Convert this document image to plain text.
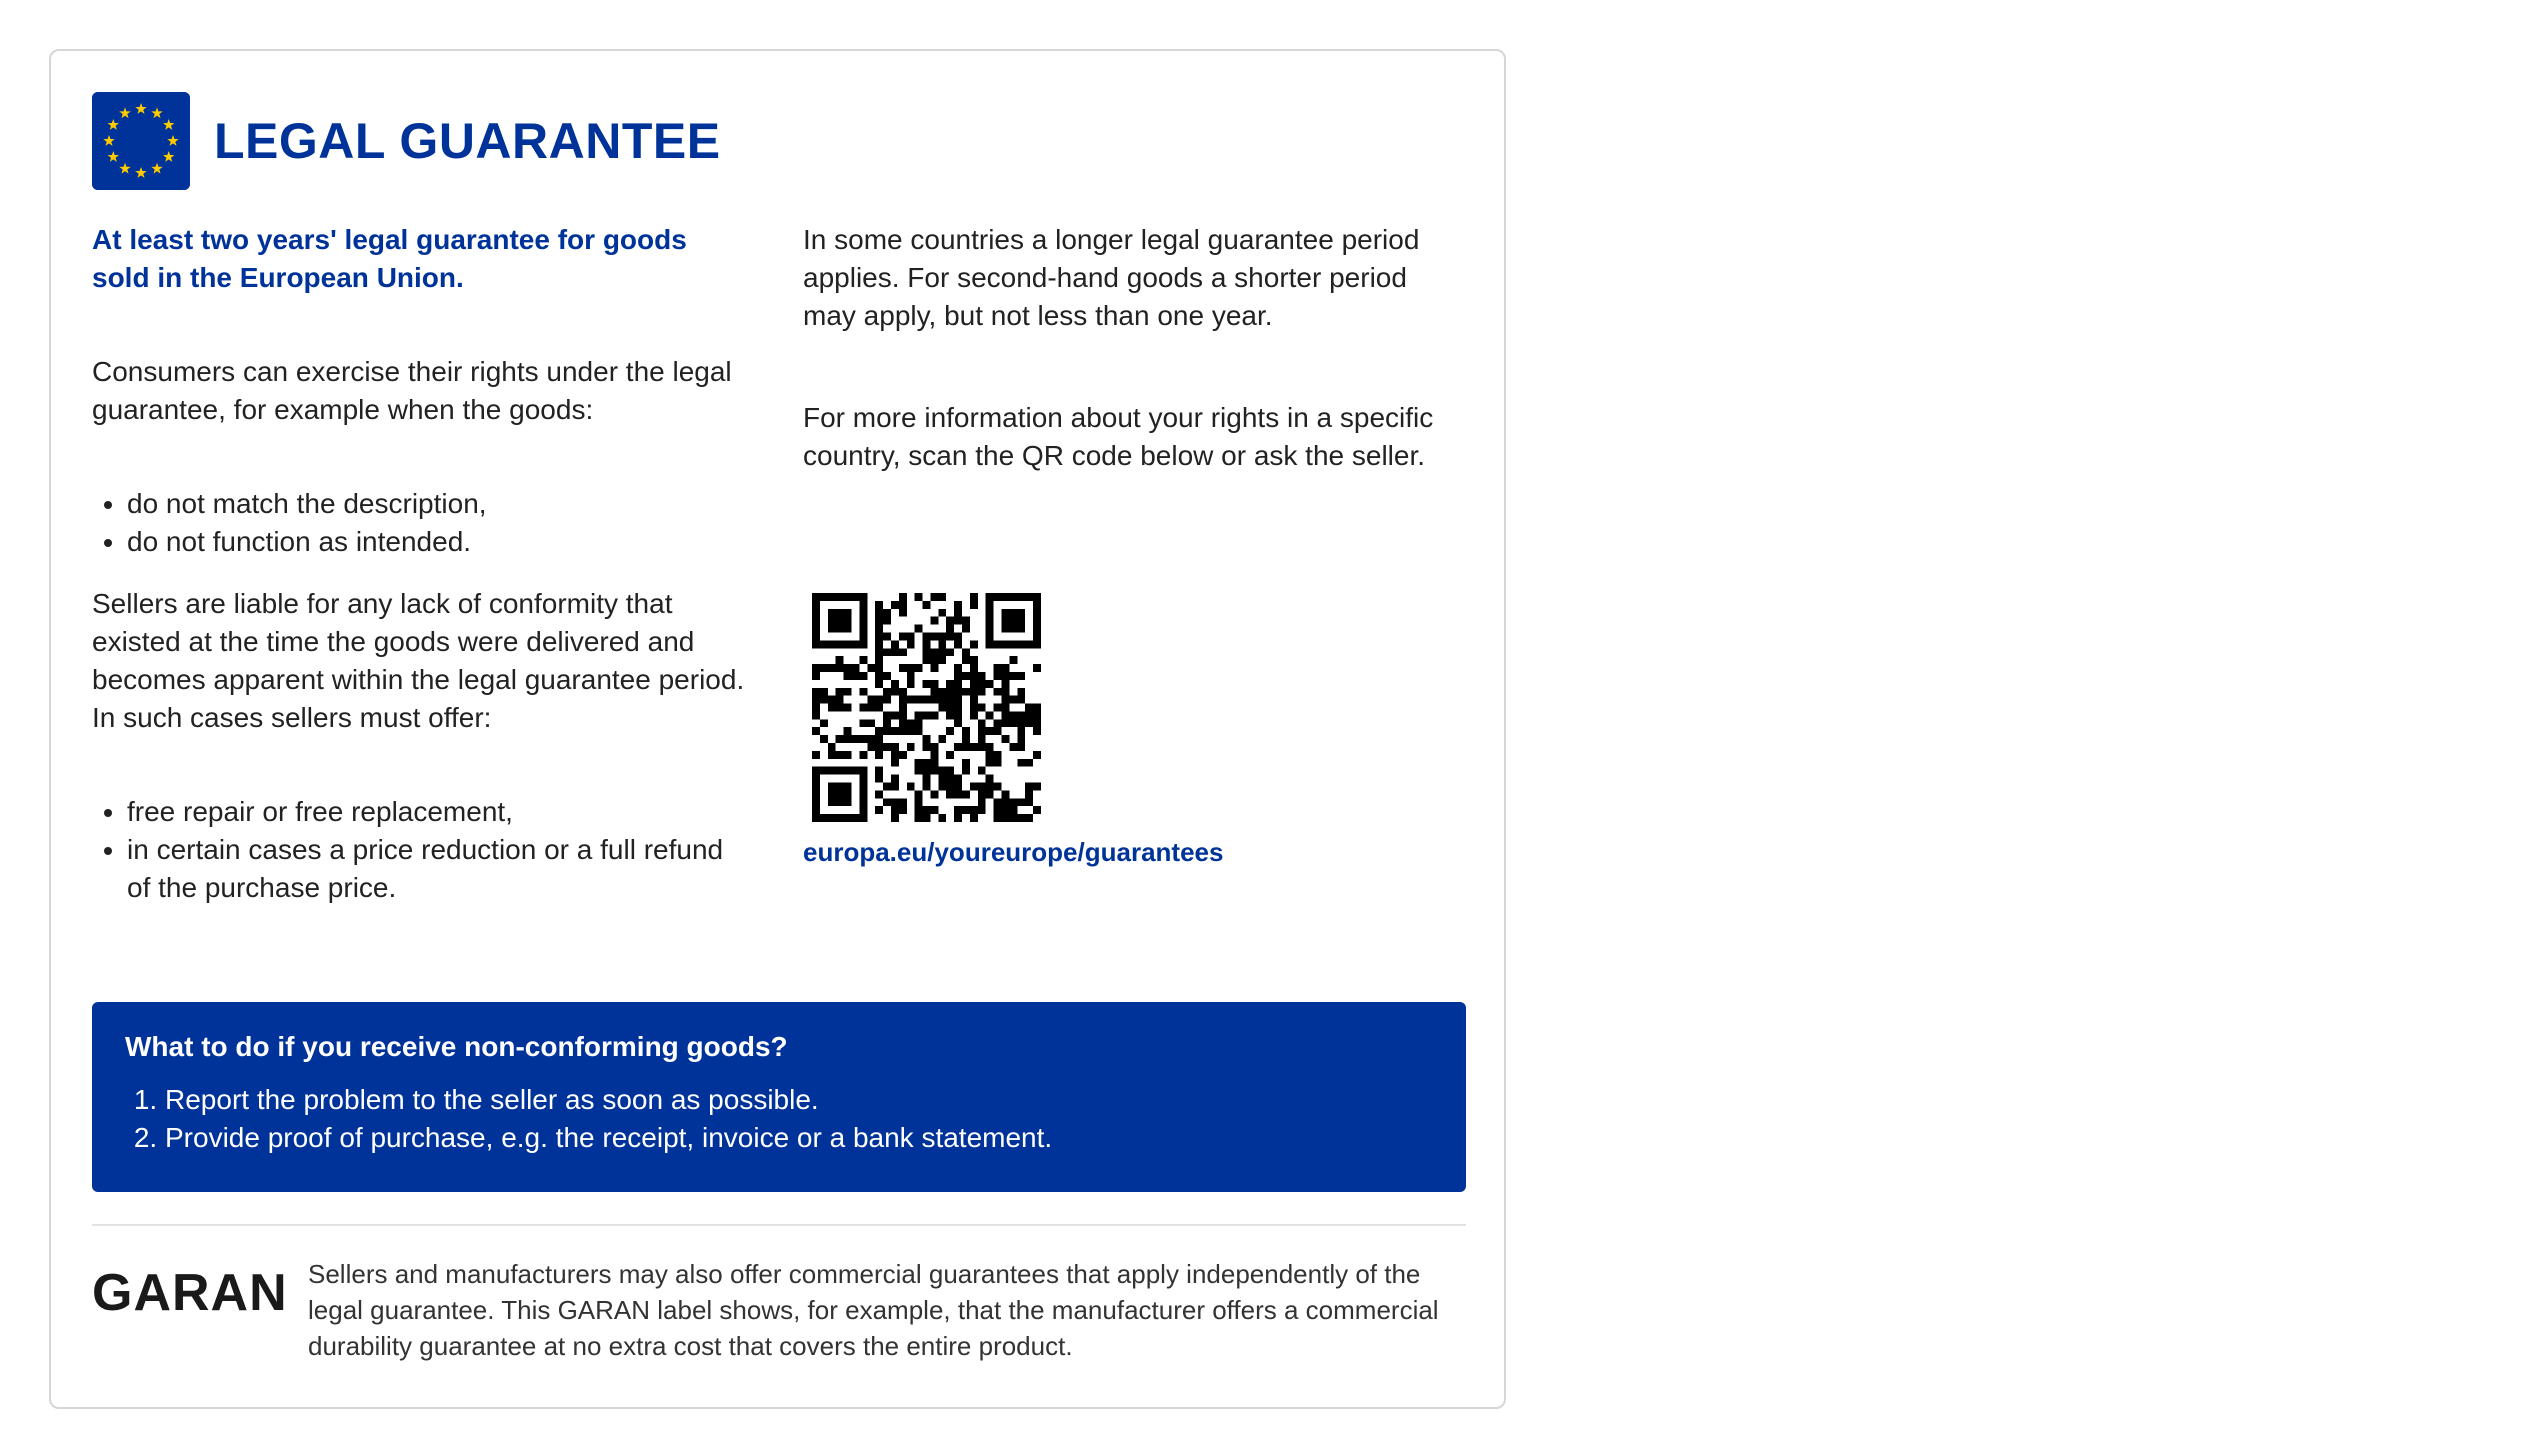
LEGAL GUARANTEE

At least two years' legal guarantee for goods sold in the European Union.

Consumers can exercise their rights under the legal guarantee, for example when the goods:

• do not match the description,
• do not function as intended.

Sellers are liable for any lack of conformity that existed at the time the goods were delivered and becomes apparent within the legal guarantee period. In such cases sellers must offer:

• free repair or free replacement,
• in certain cases a price reduction or a full refund of the purchase price.

In some countries a longer legal guarantee period applies. For second-hand goods a shorter period may apply, but not less than one year.

For more information about your rights in a specific country, scan the QR code below or ask the seller.

europa.eu/youreurope/guarantees
What to do if you receive non-conforming goods?
1. Report the problem to the seller as soon as possible.
2. Provide proof of purchase, e.g. the receipt, invoice or a bank statement.
GARAN Sellers and manufacturers may also offer commercial guarantees that apply independently of the legal guarantee. This GARAN label shows, for example, that the manufacturer offers a commercial durability guarantee at no extra cost that covers the entire product.
